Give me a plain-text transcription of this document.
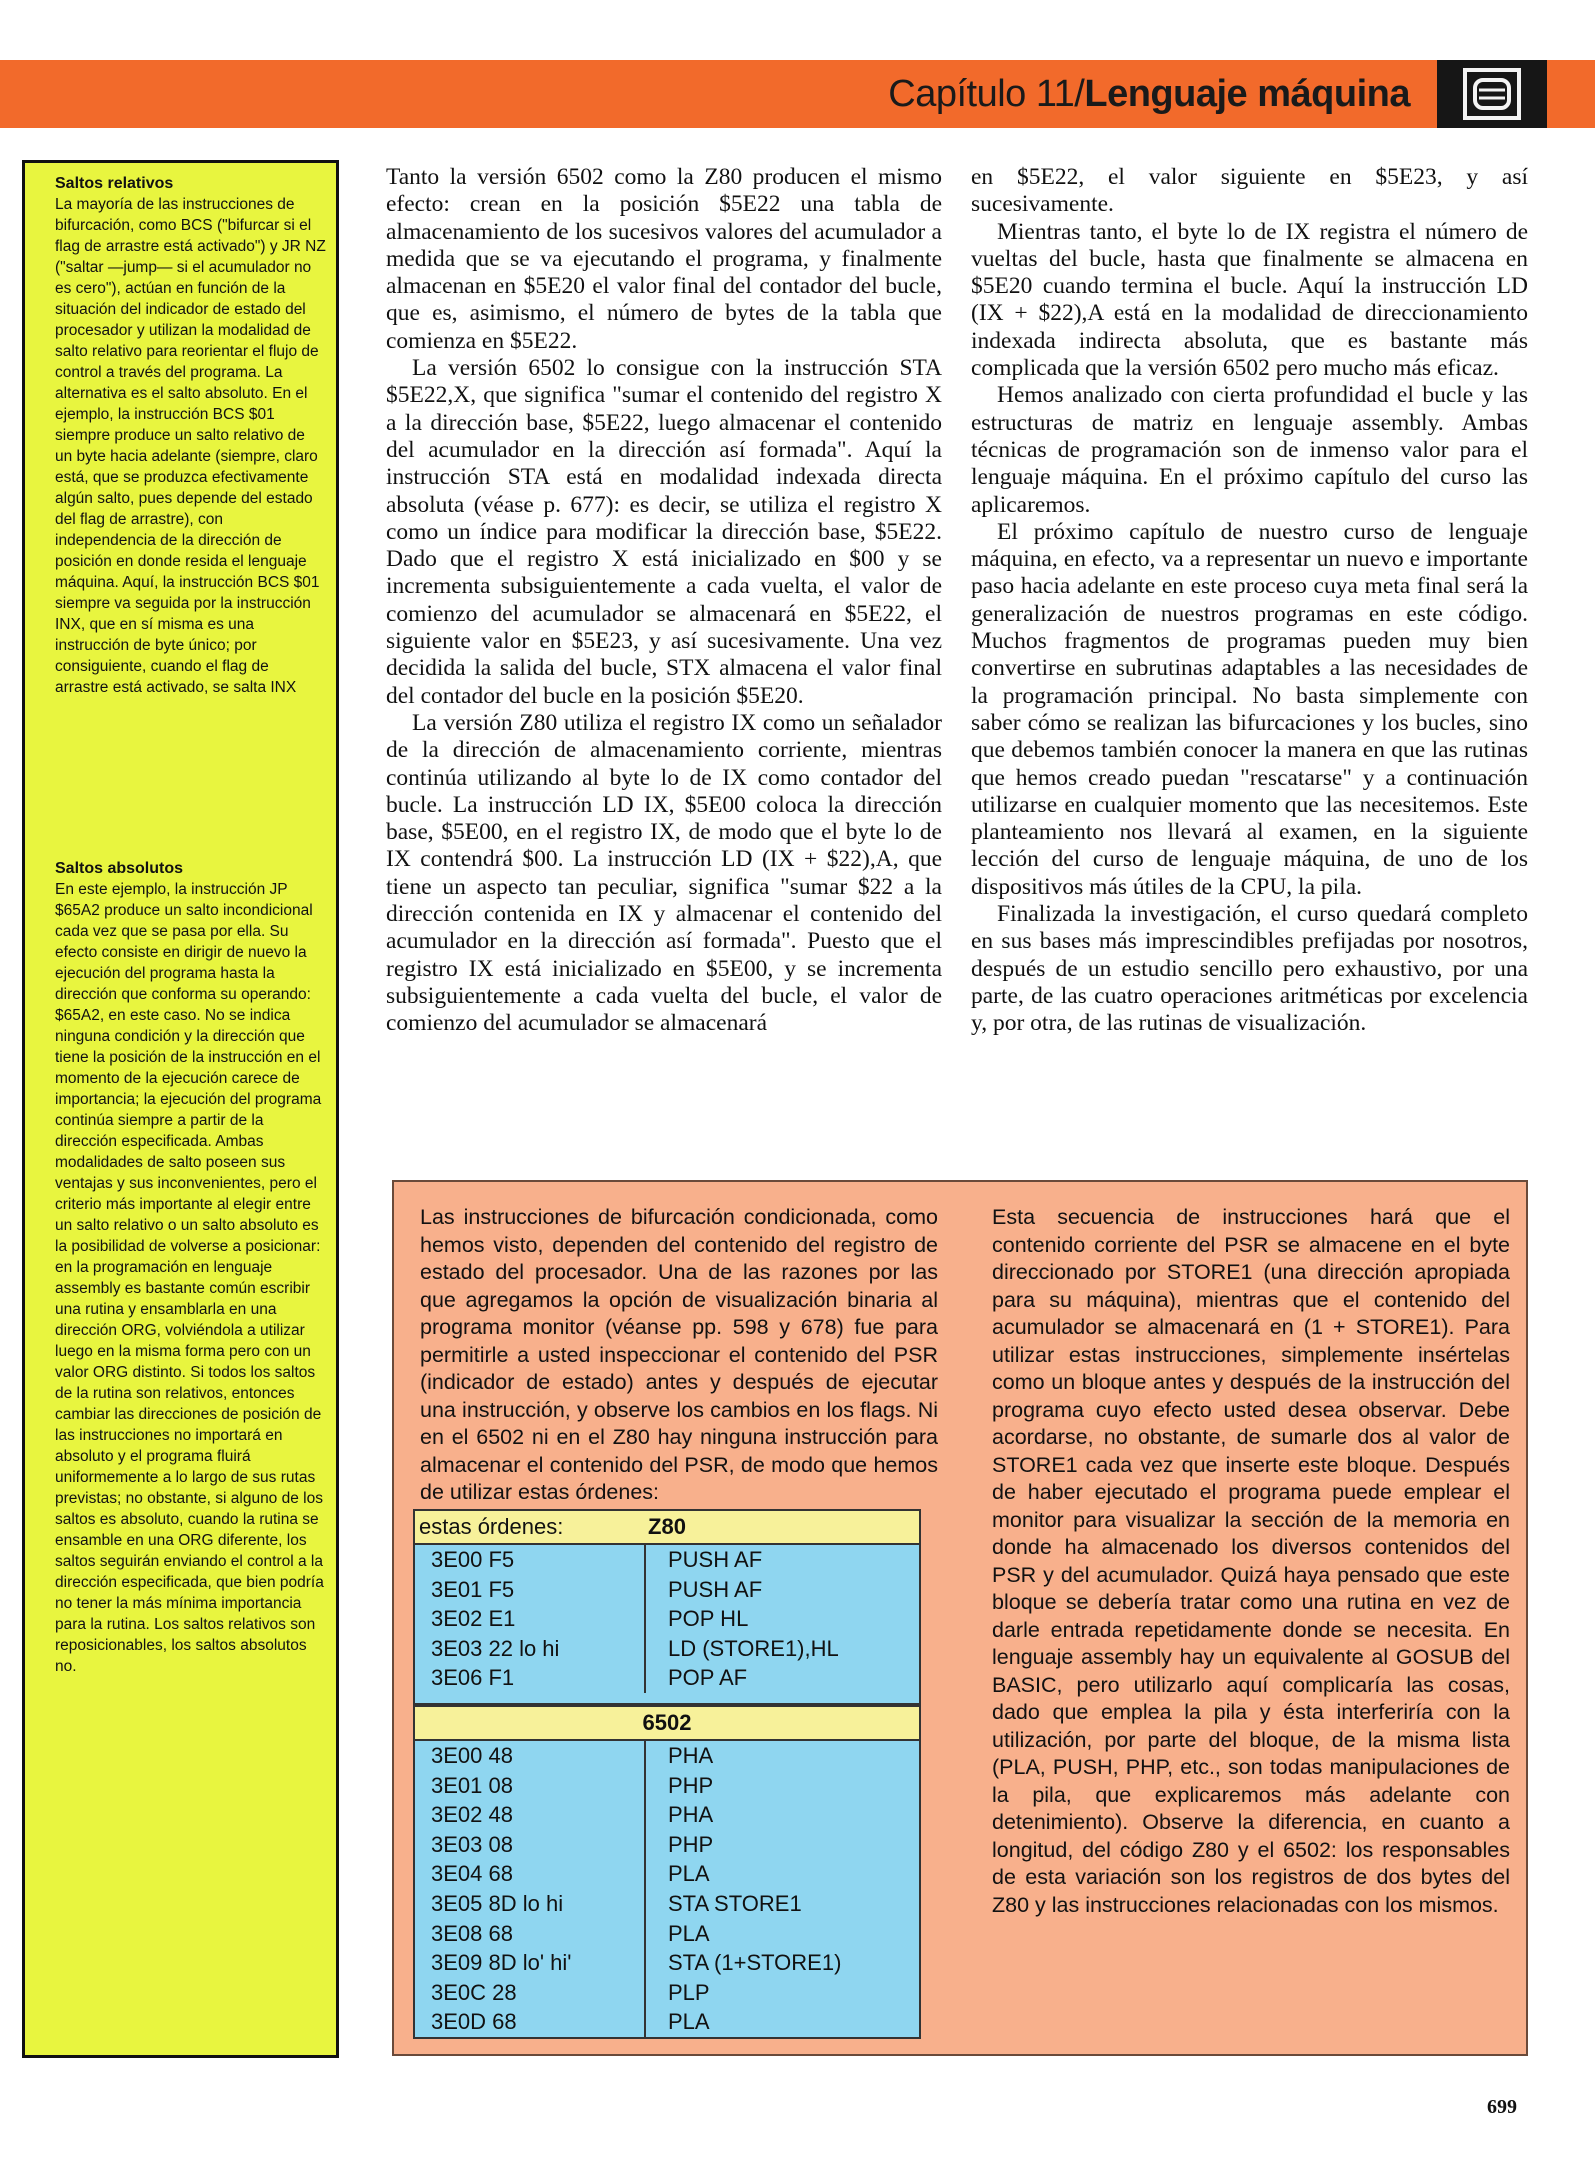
Capítulo 11/Lenguaje máquina
Saltos relativos

La mayoría de las instrucciones de bifurcación, como BCS ("bifurcar si el flag de arrastre está activado") y JR NZ ("saltar —jump— si el acumulador no es cero"), actúan en función de la situación del indicador de estado del procesador y utilizan la modalidad de salto relativo para reorientar el flujo de control a través del programa. La alternativa es el salto absoluto. En el ejemplo, la instrucción BCS $01 siempre produce un salto relativo de un byte hacia adelante (siempre, claro está, que se produzca efectivamente algún salto, pues depende del estado del flag de arrastre), con independencia de la dirección de posición en donde resida el lenguaje máquina. Aquí, la instrucción BCS $01 siempre va seguida por la instrucción INX, que en sí misma es una instrucción de byte único; por consiguiente, cuando el flag de arrastre está activado, se salta INX

Saltos absolutos

En este ejemplo, la instrucción JP $65A2 produce un salto incondicional cada vez que se pasa por ella. Su efecto consiste en dirigir de nuevo la ejecución del programa hasta la dirección que conforma su operando: $65A2, en este caso. No se indica ninguna condición y la dirección que tiene la posición de la instrucción en el momento de la ejecución carece de importancia; la ejecución del programa continúa siempre a partir de la dirección especificada. Ambas modalidades de salto poseen sus ventajas y sus inconvenientes, pero el criterio más importante al elegir entre un salto relativo o un salto absoluto es la posibilidad de volverse a posicionar: en la programación en lenguaje assembly es bastante común escribir una rutina y ensamblarla en una dirección ORG, volviéndola a utilizar luego en la misma forma pero con un valor ORG distinto. Si todos los saltos de la rutina son relativos, entonces cambiar las direcciones de posición de las instrucciones no importará en absoluto y el programa fluirá uniformemente a lo largo de sus rutas previstas; no obstante, si alguno de los saltos es absoluto, cuando la rutina se ensamble en una ORG diferente, los saltos seguirán enviando el control a la dirección especificada, que bien podría no tener la más mínima importancia para la rutina. Los saltos relativos son reposicionables, los saltos absolutos no.

Tanto la versión 6502 como la Z80 producen el mismo efecto: crean en la posición $5E22 una tabla de almacenamiento de los sucesivos valores del acumulador a medida que se va ejecutando el programa, y finalmente almacenan en $5E20 el valor final del contador del bucle, que es, asimismo, el número de bytes de la tabla que comienza en $5E22.

La versión 6502 lo consigue con la instrucción STA $5E22,X, que significa "sumar el contenido del registro X a la dirección base, $5E22, luego almacenar el contenido del acumulador en la dirección así formada". Aquí la instrucción STA está en modalidad indexada directa absoluta (véase p. 677): es decir, se utiliza el registro X como un índice para modificar la dirección base, $5E22. Dado que el registro X está inicializado en $00 y se incrementa subsiguientemente a cada vuelta, el valor de comienzo del acumulador se almacenará en $5E22, el siguiente valor en $5E23, y así sucesivamente. Una vez decidida la salida del bucle, STX almacena el valor final del contador del bucle en la posición $5E20.

La versión Z80 utiliza el registro IX como un señalador de la dirección de almacenamiento corriente, mientras continúa utilizando al byte lo de IX como contador del bucle. La instrucción LD IX, $5E00 coloca la dirección base, $5E00, en el registro IX, de modo que el byte lo de IX contendrá $00. La instrucción LD (IX + $22),A, que tiene un aspecto tan peculiar, significa "sumar $22 a la dirección contenida en IX y almacenar el contenido del acumulador en la dirección así formada". Puesto que el registro IX está inicializado en $5E00, y se incrementa subsiguientemente a cada vuelta del bucle, el valor de comienzo del acumulador se almacenará

en $5E22, el valor siguiente en $5E23, y así sucesivamente.

Mientras tanto, el byte lo de IX registra el número de vueltas del bucle, hasta que finalmente se almacena en $5E20 cuando termina el bucle. Aquí la instrucción LD (IX + $22),A está en la modalidad de direccionamiento indexada indirecta absoluta, que es bastante más complicada que la versión 6502 pero mucho más eficaz.

Hemos analizado con cierta profundidad el bucle y las estructuras de matriz en lenguaje assembly. Ambas técnicas de programación son de inmenso valor para el lenguaje máquina. En el próximo capítulo del curso las aplicaremos.

El próximo capítulo de nuestro curso de lenguaje máquina, en efecto, va a representar un nuevo e importante paso hacia adelante en este proceso cuya meta final será la generalización de nuestros programas en este código. Muchos fragmentos de programas pueden muy bien convertirse en subrutinas adaptables a las necesidades de la programación principal. No basta simplemente con saber cómo se realizan las bifurcaciones y los bucles, sino que debemos también conocer la manera en que las rutinas que hemos creado puedan "rescatarse" y a continuación utilizarse en cualquier momento que las necesitemos. Este planteamiento nos llevará al examen, en la siguiente lección del curso de lenguaje máquina, de uno de los dispositivos más útiles de la CPU, la pila.

Finalizada la investigación, el curso quedará completo en sus bases más imprescindibles prefijadas por nosotros, después de un estudio sencillo pero exhaustivo, por una parte, de las cuatro operaciones aritméticas por excelencia y, por otra, de las rutinas de visualización.

Las instrucciones de bifurcación condicionada, como hemos visto, dependen del contenido del registro de estado del procesador. Una de las razones por las que agregamos la opción de visualización binaria al programa monitor (véanse pp. 598 y 678) fue para permitirle a usted inspeccionar el contenido del PSR (indicador de estado) antes y después de ejecutar una instrucción, y observe los cambios en los flags. Ni en el 6502 ni en el Z80 hay ninguna instrucción para almacenar el contenido del PSR, de modo que hemos de utilizar estas órdenes:
estas órdenes:	Z80
3E00 F5	PUSH AF
3E01 F5	PUSH AF
3E02 E1	POP HL
3E03 22 lo hi	LD (STORE1),HL
3E06 F1	POP AF
6502
3E00 48	PHA
3E01 08	PHP
3E02 48	PHA
3E03 08	PHP
3E04 68	PLA
3E05 8D lo hi	STA STORE1
3E08 68	PLA
3E09 8D lo' hi'	STA (1+STORE1)
3E0C 28	PLP
3E0D 68	PLA
Esta secuencia de instrucciones hará que el contenido corriente del PSR se almacene en el byte direccionado por STORE1 (una dirección apropiada para su máquina), mientras que el contenido del acumulador se almacenará en (1 + STORE1). Para utilizar estas instrucciones, simplemente insértelas como un bloque antes y después de la instrucción del programa cuyo efecto usted desea observar. Debe acordarse, no obstante, de sumarle dos al valor de STORE1 cada vez que inserte este bloque. Después de haber ejecutado el programa puede emplear el monitor para visualizar la sección de la memoria en donde ha almacenado los diversos contenidos del PSR y del acumulador. Quizá haya pensado que este bloque se debería tratar como una rutina en vez de darle entrada repetidamente donde se necesita. En lenguaje assembly hay un equivalente al GOSUB del BASIC, pero utilizarlo aquí complicaría las cosas, dado que emplea la pila y ésta interferiría con la utilización, por parte del bloque, de la misma lista (PLA, PUSH, PHP, etc., son todas manipulaciones de la pila, que explicaremos más adelante con detenimiento). Observe la diferencia, en cuanto a longitud, del código Z80 y el 6502: los responsables de esta variación son los registros de dos bytes del Z80 y las instrucciones relacionadas con los mismos.
699
